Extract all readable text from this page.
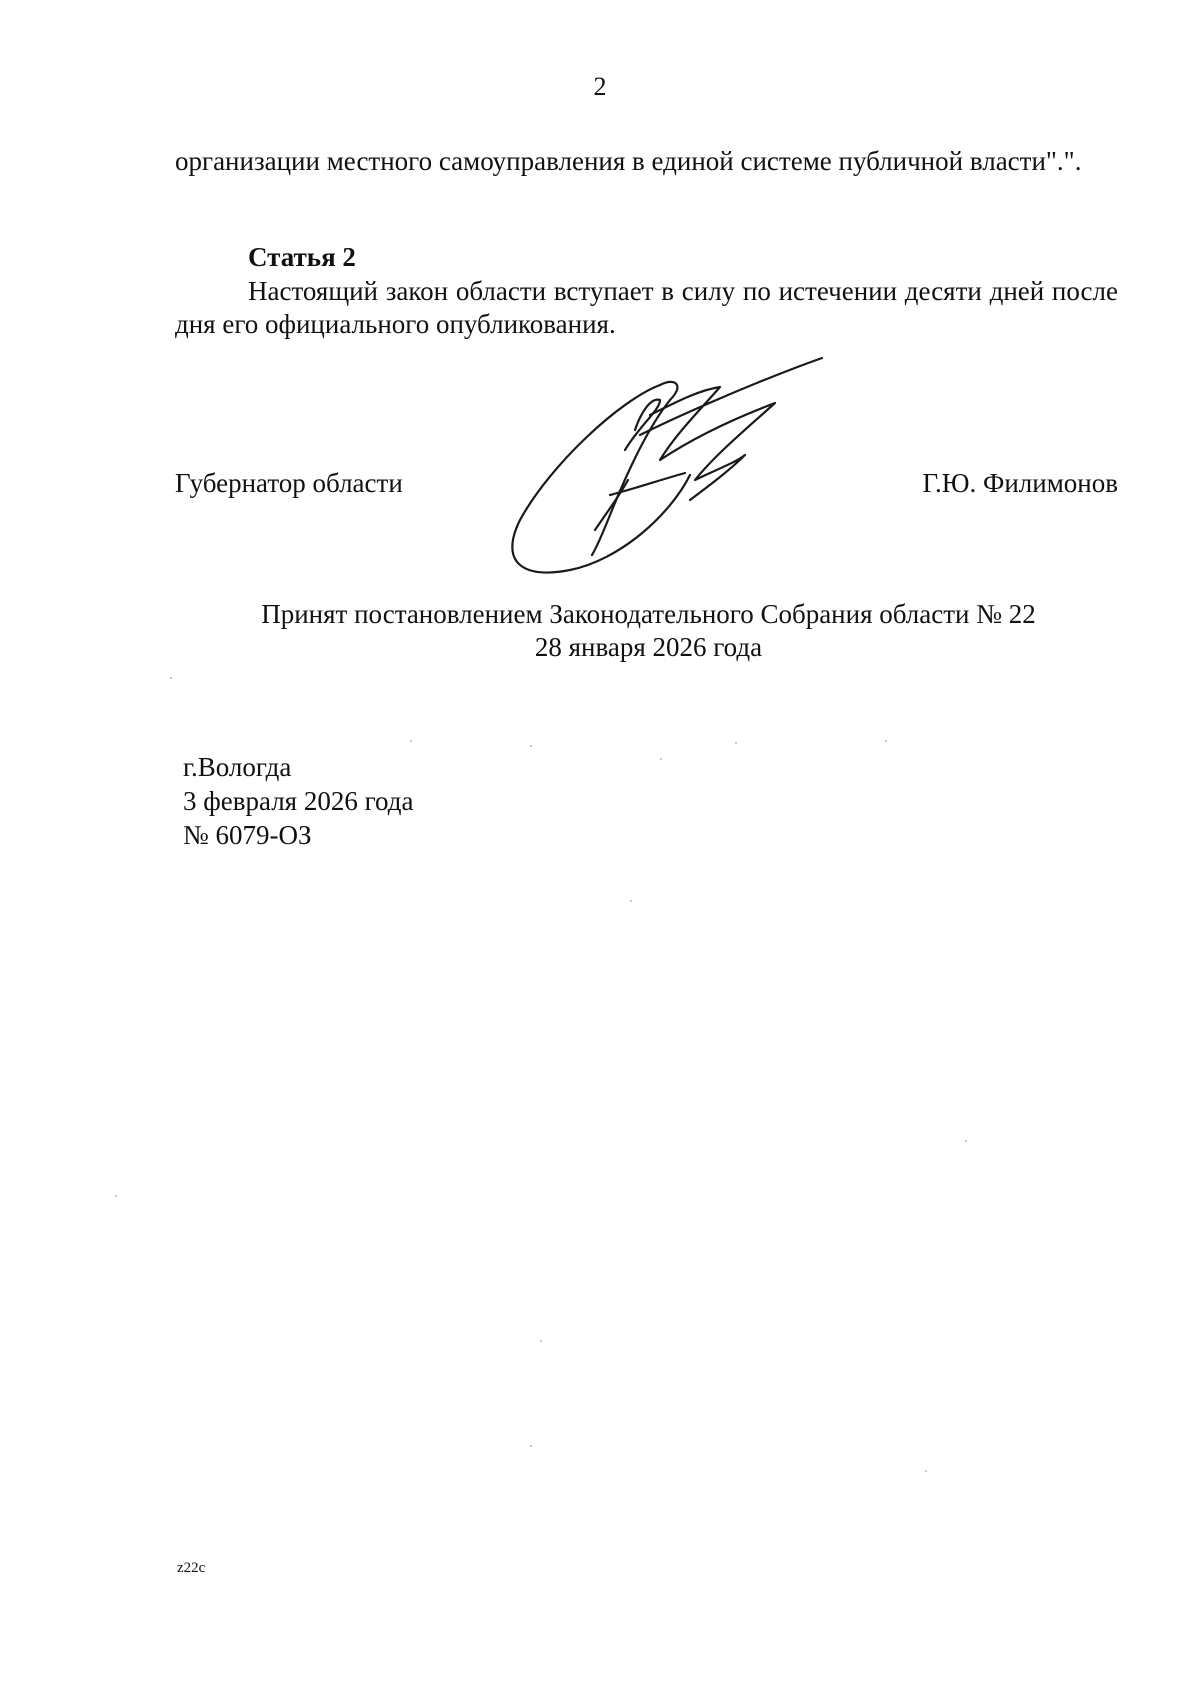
2
организации местного самоуправления в единой системе публичной власти".".
Статья 2
Настоящий закон области вступает в силу по истечении десяти дней после дня его официального опубликования.
Губернатор области	Г.Ю. Филимонов
Принят постановлением Законодательного Собрания области № 22
28 января 2026 года
г.Вологда
3 февраля 2026 года
№ 6079-ОЗ
z22c
